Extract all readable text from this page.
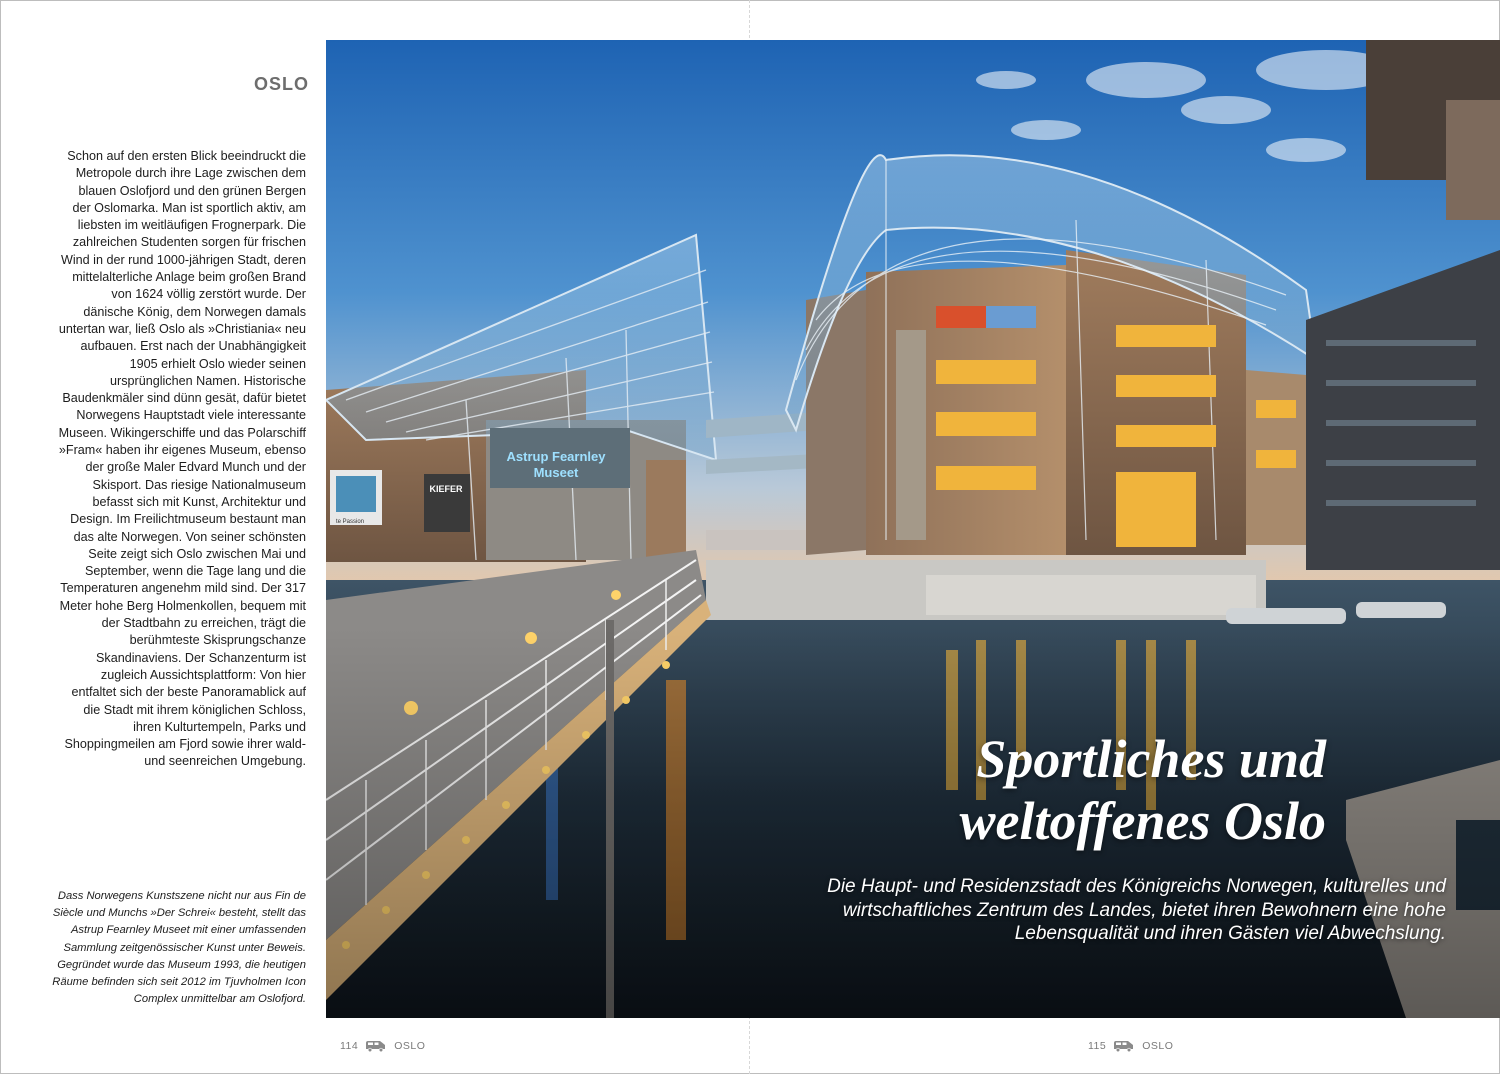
OSLO

Schon auf den ersten Blick beeindruckt die Metropole durch ihre Lage zwischen dem blauen Oslofjord und den grünen Bergen der Oslomarka. Man ist sportlich aktiv, am liebsten im weitläufigen Frognerpark. Die zahlreichen Studenten sorgen für frischen Wind in der rund 1000-jährigen Stadt, deren mittelalterliche Anlage beim großen Brand von 1624 völlig zerstört wurde. Der dänische König, dem Norwegen damals untertan war, ließ Oslo als »Christiania« neu aufbauen. Erst nach der Unabhängigkeit 1905 erhielt Oslo wieder seinen ursprünglichen Namen. Historische Baudenkmäler sind dünn gesät, dafür bietet Norwegens Hauptstadt viele interessante Museen. Wikingerschiffe und das Polarschiff »Fram« haben ihr eigenes Museum, ebenso der große Maler Edvard Munch und der Skisport. Das riesige Nationalmuseum befasst sich mit Kunst, Architektur und Design. Im Freilichtmuseum bestaunt man das alte Norwegen. Von seiner schönsten Seite zeigt sich Oslo zwischen Mai und September, wenn die Tage lang und die Temperaturen angenehm mild sind. Der 317 Meter hohe Berg Holmenkollen, bequem mit der Stadtbahn zu erreichen, trägt die berühmteste Skisprungschanze Skandinaviens. Der Schanzenturm ist zugleich Aussichtsplattform: Von hier entfaltet sich der beste Panoramablick auf die Stadt mit ihrem königlichen Schloss, ihren Kulturtempeln, Parks und Shoppingmeilen am Fjord sowie ihrer wald- und seenreichen Umgebung.

Dass Norwegens Kunstszene nicht nur aus Fin de Siècle und Munchs »Der Schrei« besteht, stellt das Astrup Fearnley Museet mit einer umfassenden Sammlung zeitgenössischer Kunst unter Beweis. Gegründet wurde das Museum 1993, die heutigen Räume befinden sich seit 2012 im Tjuvholmen Icon Complex unmittelbar am Oslofjord.

114	OSLO
Sportliches und
weltoffenes Oslo

Die Haupt- und Residenzstadt des Königreichs Norwegen, kulturelles und wirtschaftliches Zentrum des Landes, bietet ihren Bewohnern eine hohe Lebensqualität und ihren Gästen viel Abwechslung.

115	OSLO
